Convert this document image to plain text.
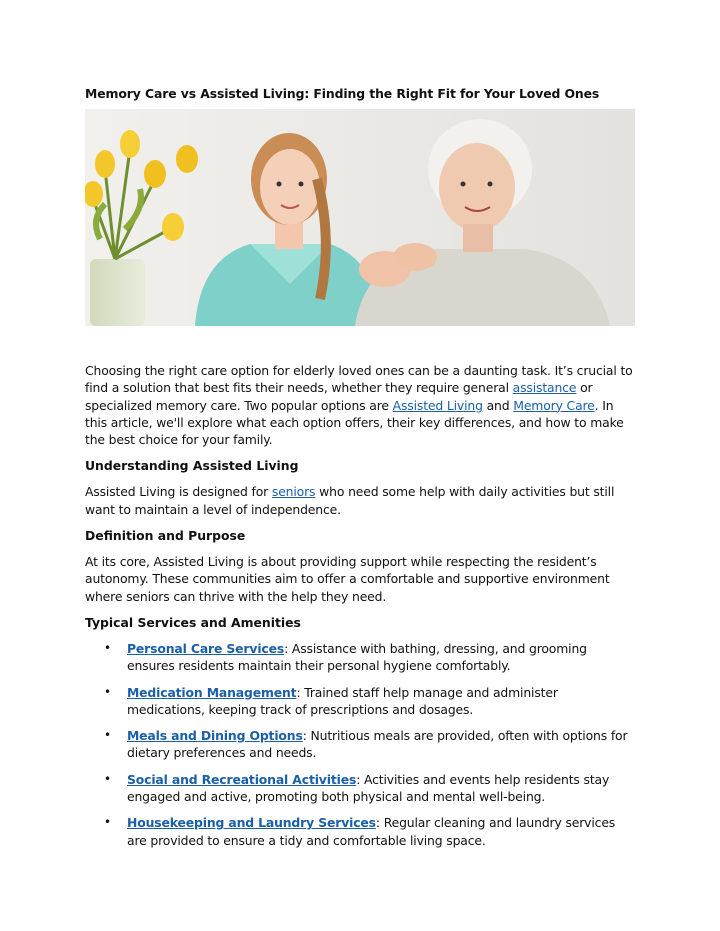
Memory Care vs Assisted Living: Finding the Right Fit for Your Loved Ones

Choosing the right care option for elderly loved ones can be a daunting task. It’s crucial to find a solution that best fits their needs, whether they require general assistance or specialized memory care. Two popular options are Assisted Living and Memory Care. In this article, we'll explore what each option offers, their key differences, and how to make the best choice for your family.

Understanding Assisted Living

Assisted Living is designed for seniors who need some help with daily activities but still want to maintain a level of independence.

Definition and Purpose

At its core, Assisted Living is about providing support while respecting the resident’s autonomy. These communities aim to offer a comfortable and supportive environment where seniors can thrive with the help they need.

Typical Services and Amenities
• Personal Care Services: Assistance with bathing, dressing, and grooming ensures residents maintain their personal hygiene comfortably.
• Medication Management: Trained staff help manage and administer medications, keeping track of prescriptions and dosages.
• Meals and Dining Options: Nutritious meals are provided, often with options for dietary preferences and needs.
• Social and Recreational Activities: Activities and events help residents stay engaged and active, promoting both physical and mental well-being.
• Housekeeping and Laundry Services: Regular cleaning and laundry services are provided to ensure a tidy and comfortable living space.
